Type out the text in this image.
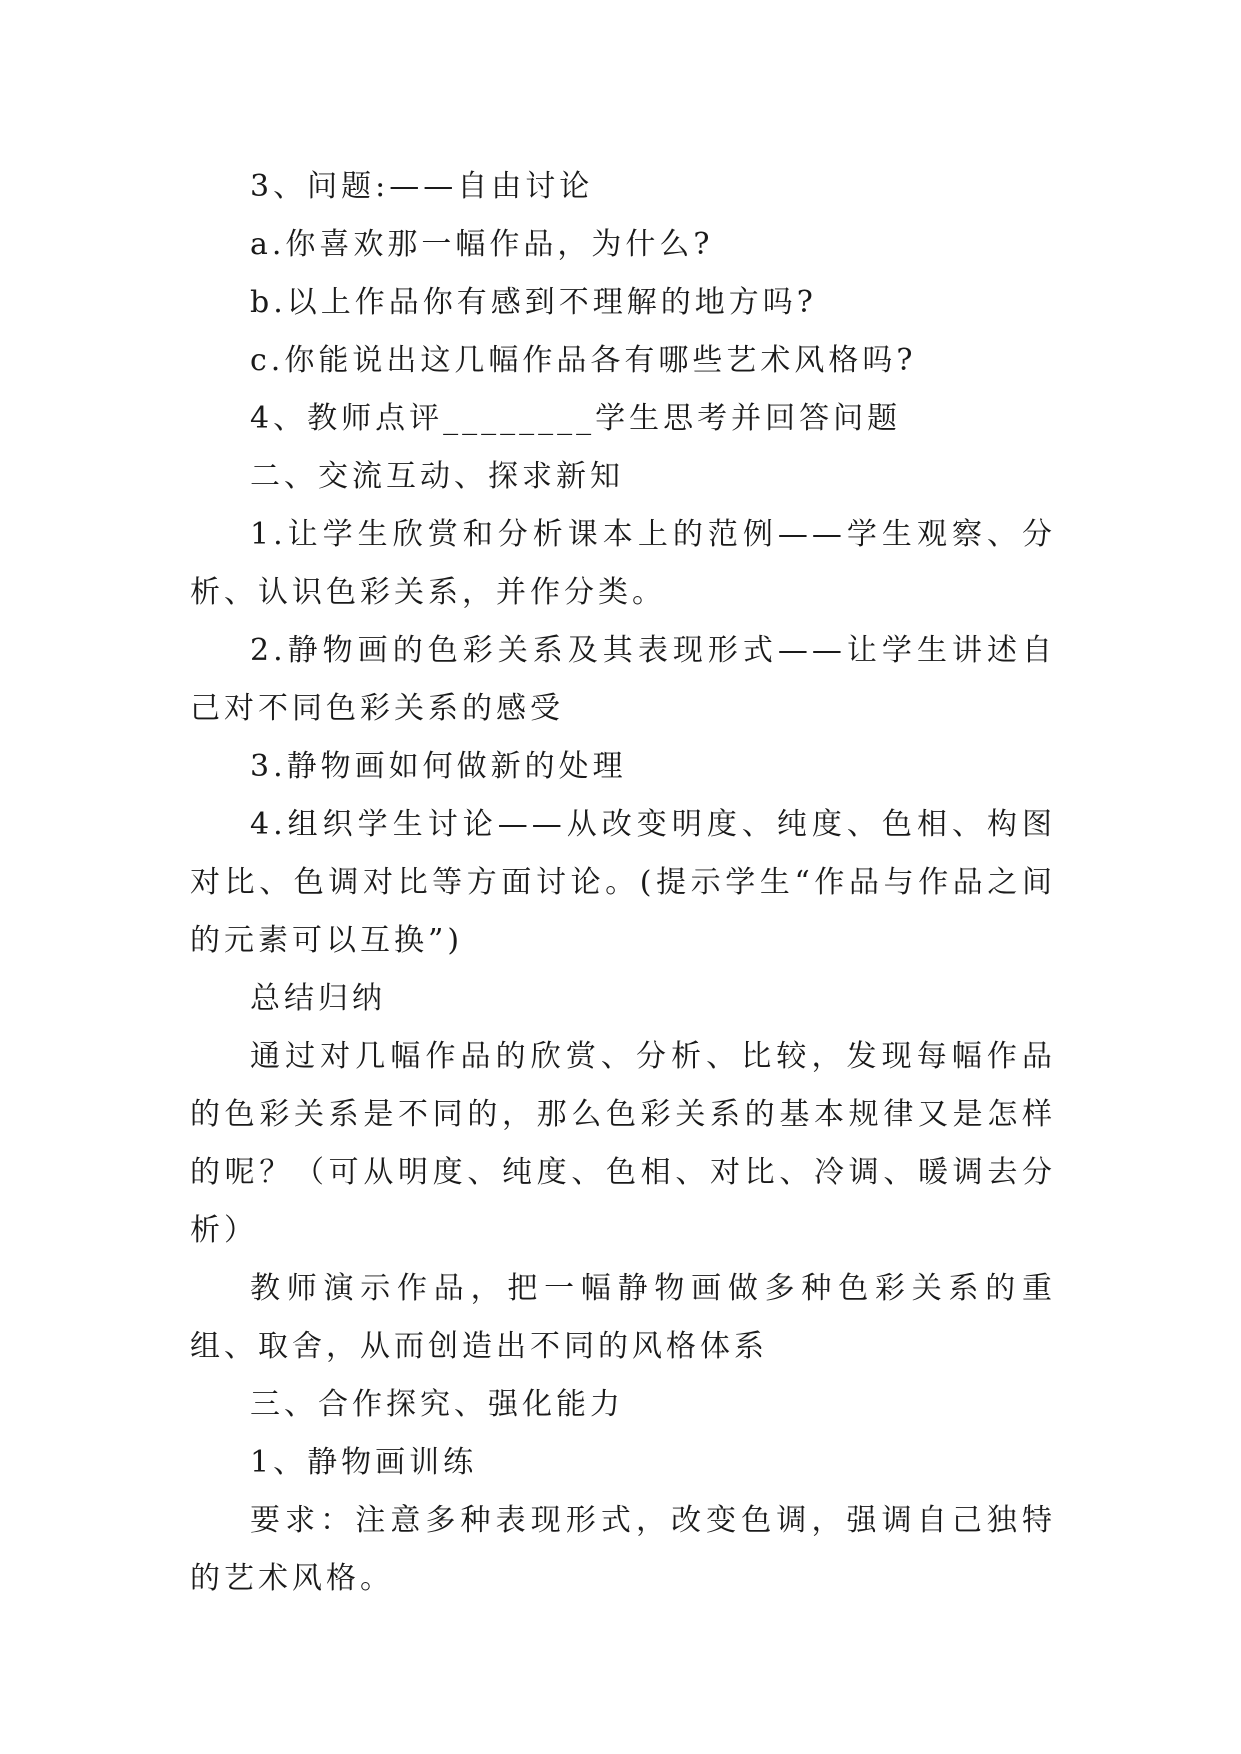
3、问题:——自由讨论

a.你喜欢那一幅作品，为什么?

b.以上作品你有感到不理解的地方吗?

c.你能说出这几幅作品各有哪些艺术风格吗?

4、教师点评________学生思考并回答问题

二、交流互动、探求新知

1.让学生欣赏和分析课本上的范例——学生观察、分析、认识色彩关系，并作分类。

2.静物画的色彩关系及其表现形式——让学生讲述自己对不同色彩关系的感受

3.静物画如何做新的处理

4.组织学生讨论——从改变明度、纯度、色相、构图对比、色调对比等方面讨论。(提示学生“作品与作品之间的元素可以互换”)

总结归纳

通过对几幅作品的欣赏、分析、比较，发现每幅作品的色彩关系是不同的，那么色彩关系的基本规律又是怎样的呢？（可从明度、纯度、色相、对比、冷调、暖调去分析）

教师演示作品，把一幅静物画做多种色彩关系的重组、取舍，从而创造出不同的风格体系

三、合作探究、强化能力

1、静物画训练

要求：注意多种表现形式，改变色调，强调自己独特的艺术风格。
